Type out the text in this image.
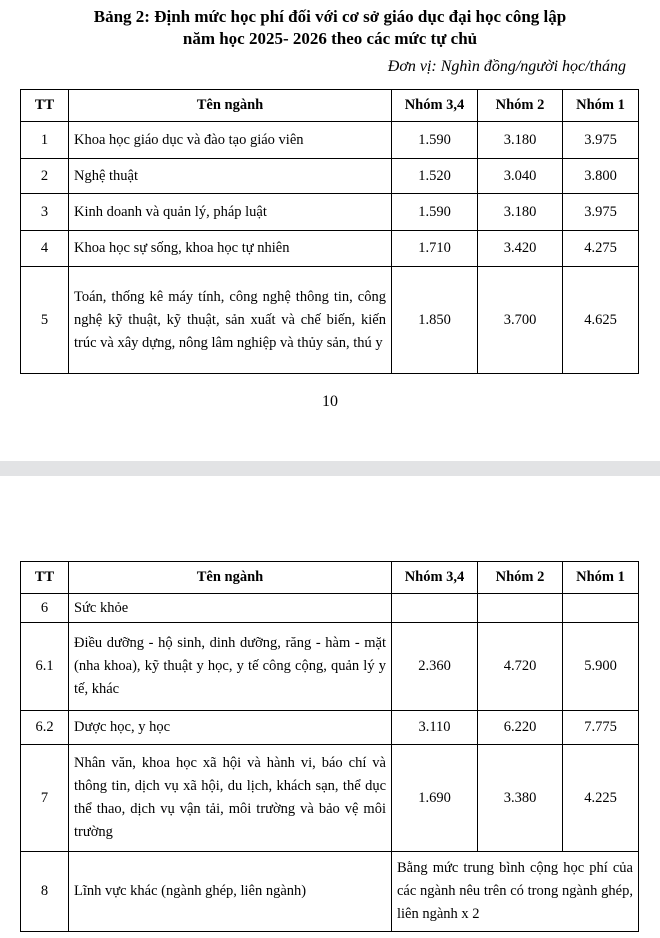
Bảng 2: Định mức học phí đối với cơ sở giáo dục đại học công lập
năm học 2025- 2026 theo các mức tự chủ
Đơn vị: Nghìn đồng/người học/tháng
TT	Tên ngành	Nhóm 3,4	Nhóm 2	Nhóm 1
1	Khoa học giáo dục và đào tạo giáo viên	1.590	3.180	3.975
2	Nghệ thuật	1.520	3.040	3.800
3	Kinh doanh và quản lý, pháp luật	1.590	3.180	3.975
4	Khoa học sự sống, khoa học tự nhiên	1.710	3.420	4.275
5	Toán, thống kê máy tính, công nghệ thông tin, công nghệ kỹ thuật, kỹ thuật, sản xuất và chế biến, kiến trúc và xây dựng, nông lâm nghiệp và thủy sản, thú y	1.850	3.700	4.625
10
TT	Tên ngành	Nhóm 3,4	Nhóm 2	Nhóm 1
6	Sức khỏe			
6.1	Điều dưỡng - hộ sinh, dinh dưỡng, răng - hàm - mặt (nha khoa), kỹ thuật y học, y tế công cộng, quản lý y tế, khác	2.360	4.720	5.900
6.2	Dược học, y học	3.110	6.220	7.775
7	Nhân văn, khoa học xã hội và hành vi, báo chí và thông tin, dịch vụ xã hội, du lịch, khách sạn, thể dục thể thao, dịch vụ vận tải, môi trường và bảo vệ môi trường	1.690	3.380	4.225
8	Lĩnh vực khác (ngành ghép, liên ngành)	Bằng mức trung bình cộng học phí của các ngành nêu trên có trong ngành ghép, liên ngành x 2		
